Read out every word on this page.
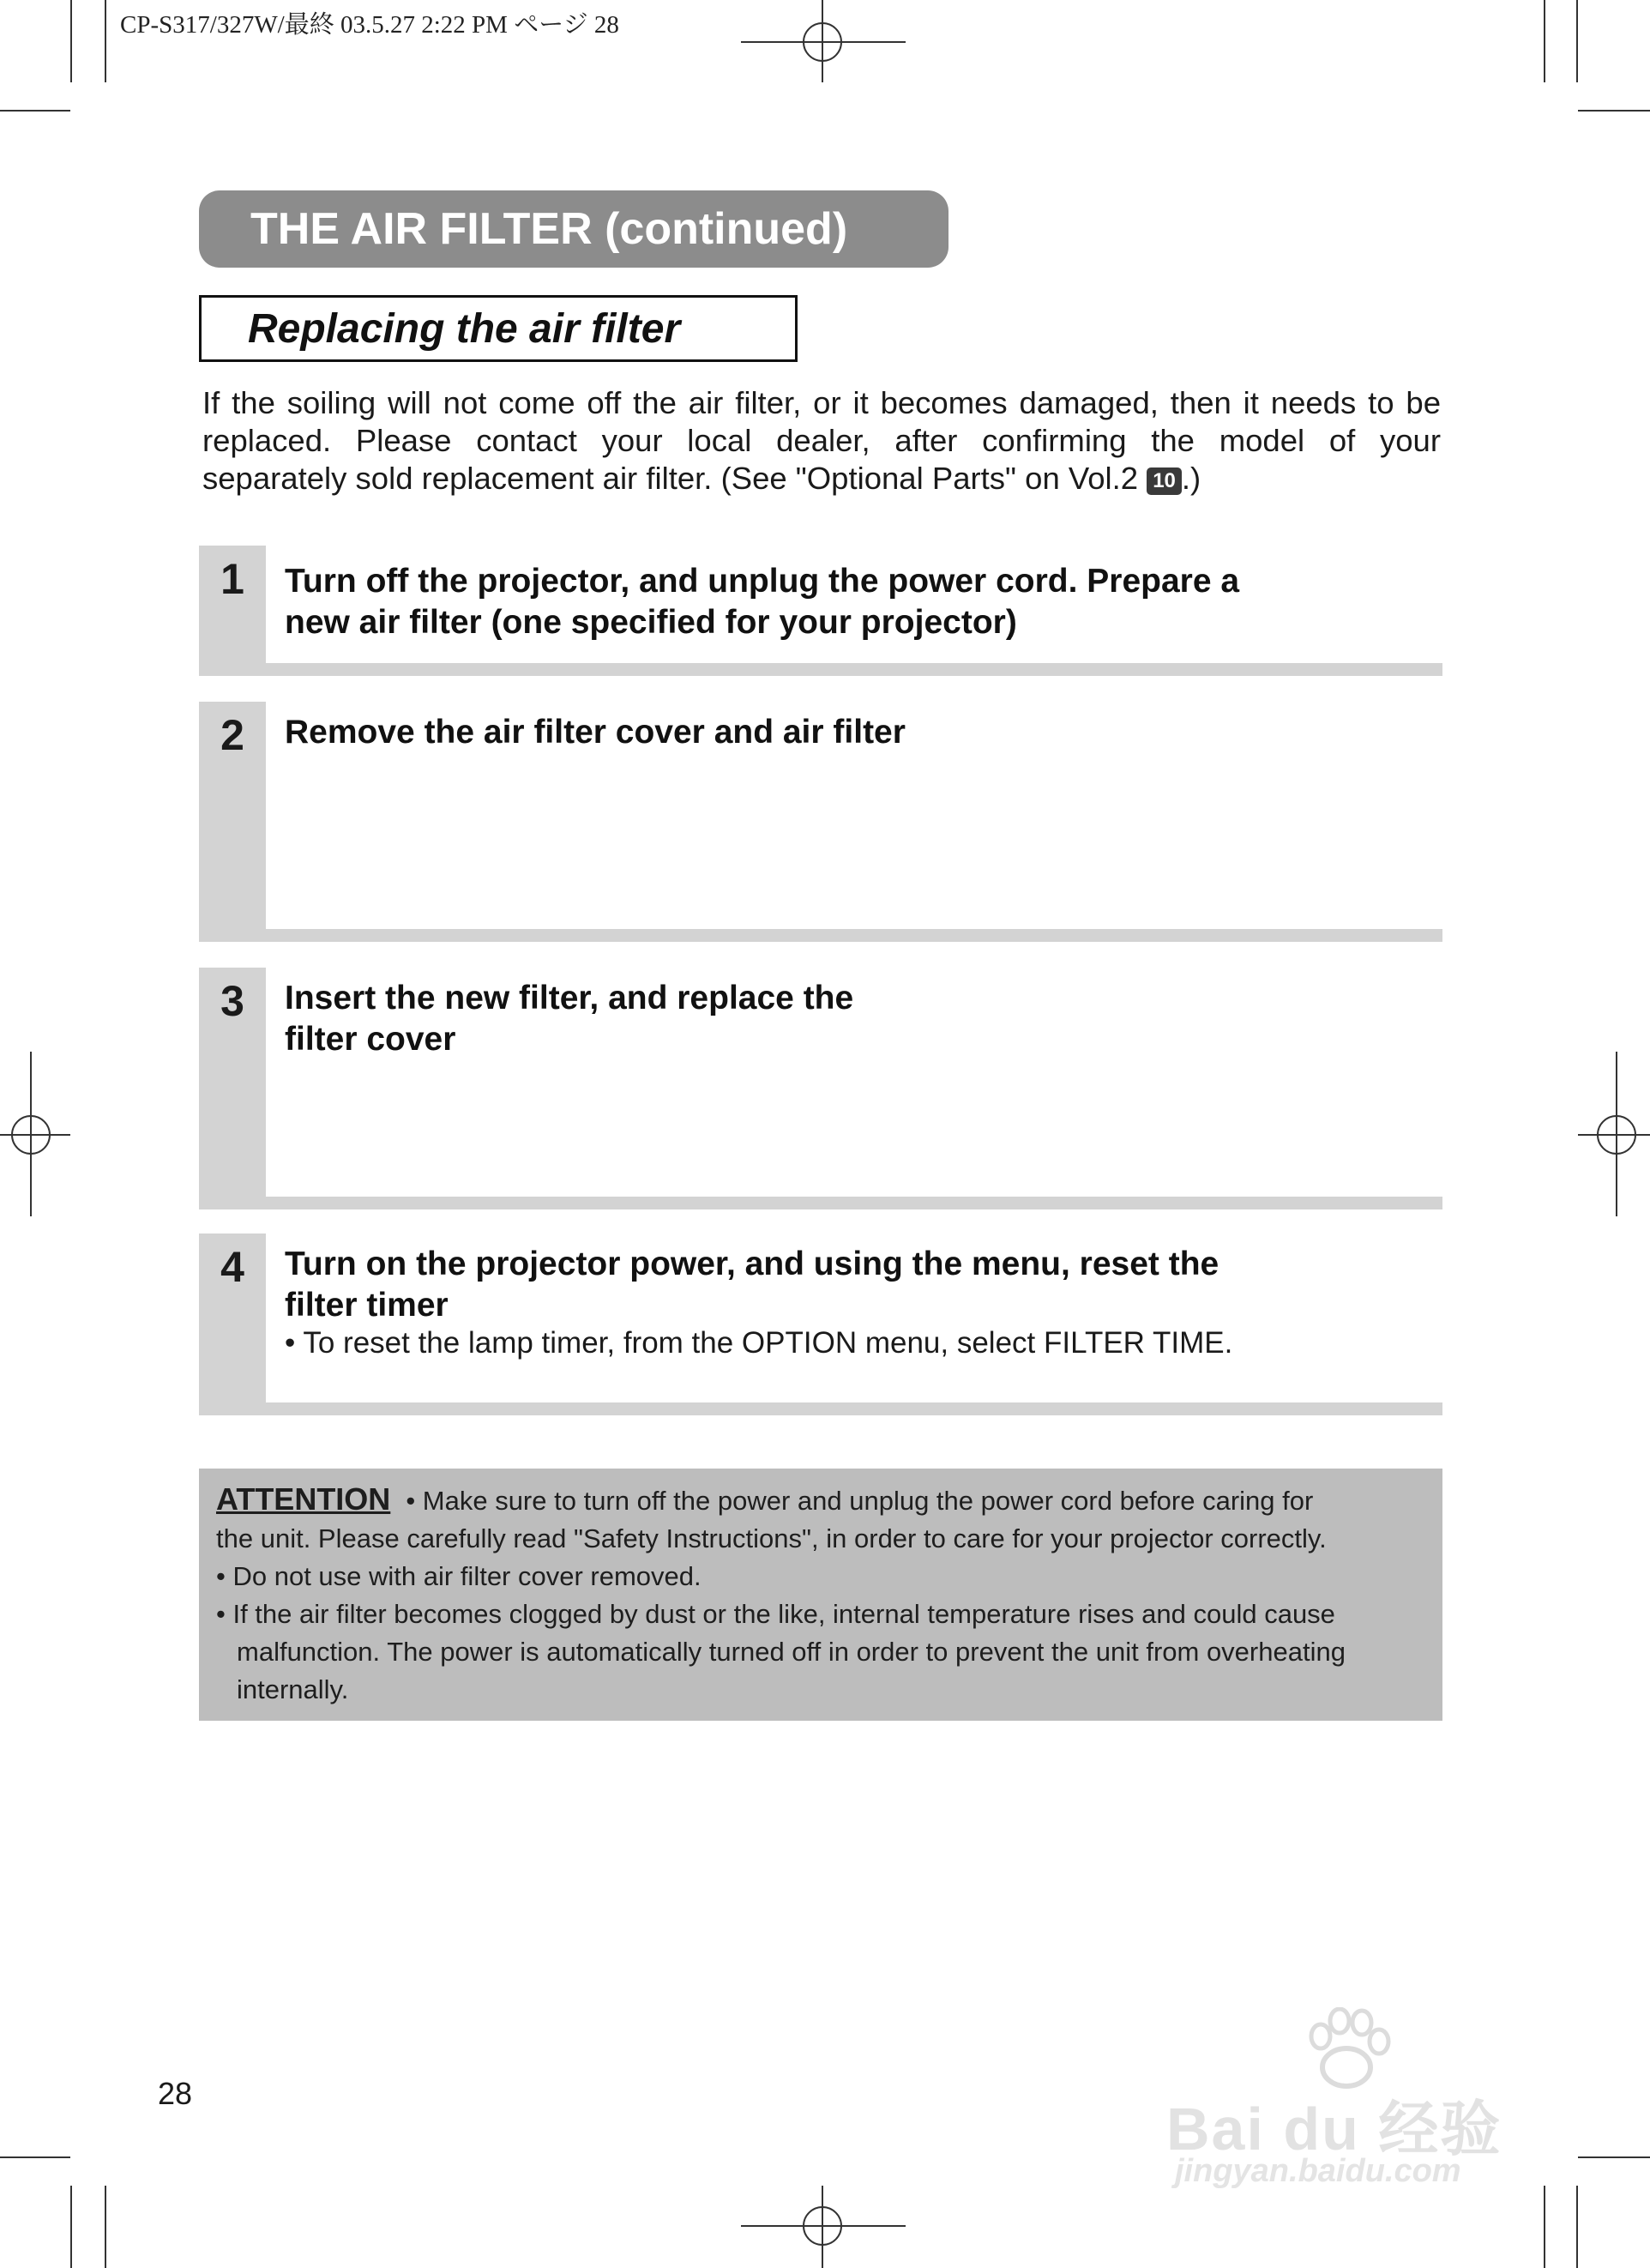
CP-S317/327W/最終 03.5.27 2:22 PM ページ 28
THE AIR FILTER (continued)
Replacing the air filter
If the soiling will not come off the air filter, or it becomes damaged, then it needs to be
replaced. Please contact your local dealer, after confirming the model of your
separately sold replacement air filter. (See "Optional Parts" on Vol.2 10 .)
1	Turn off the projector, and unplug the power cord. Prepare a
new air filter (one specified for your projector)
2	Remove the air filter cover and air filter
3	Insert the new filter, and replace the
filter cover
4	Turn on the projector power, and using the menu, reset the
filter timer
• To reset the lamp timer, from the OPTION menu, select FILTER TIME.
ATTENTION • Make sure to turn off the power and unplug the power cord before caring for
the unit. Please carefully read "Safety Instructions", in order to care for your projector correctly.
• Do not use with air filter cover removed.
• If the air filter becomes clogged by dust or the like, internal temperature rises and could cause
malfunction. The power is automatically turned off in order to prevent the unit from overheating
internally.
28
Bai du 经验
jingyan.baidu.com
